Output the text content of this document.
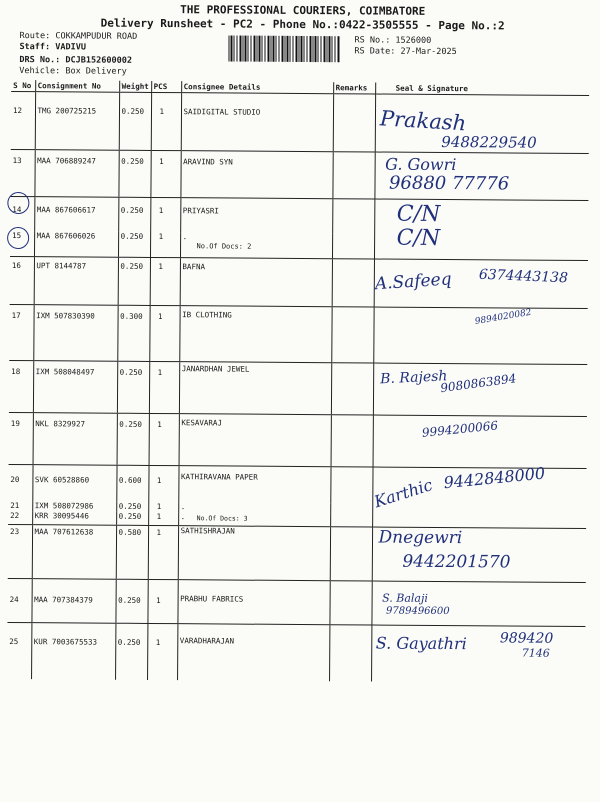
THE PROFESSIONAL COURIERS, COIMBATORE
Delivery Runsheet - PC2 - Phone No.:0422-3505555 - Page No.:2
Route: COKKAMPUDUR ROAD
Staff: VADIVU
DRS No.: DCJB152600002
Vehicle: Box Delivery
RS No.: 1526000
RS Date: 27-Mar-2025
S No	Consignment No	Weight	PCS	Consignee Details	Remarks	Seal & Signature
12	TMG 200725215	0.250	1	SAIDIGITAL STUDIO		Prakash
9488229540

13	MAA 706889247	0.250	1	ARAVIND SYN		G. Gowri
96880 77776

14	MAA 867606617	0.250	1	PRIYASRI		C/N

15	MAA 867606026	0.250	1	.
No.Of Docs: 2		C/N

16	UPT 8144787	0.250	1	BAFNA		A.Safeeq 6374443138

17	IXM 507830390	0.300	1	IB CLOTHING		9894020082

18	IXM 508048497	0.250	1	JANARDHAN JEWEL		B. Rajesh
9080863894

19	NKL 8329927	0.250	1	KESAVARAJ		9994200066

20	SVK 60528860	0.600	1	KATHIRAVANA PAPER		Karthic 9442848000

21	IXM 508072986	0.250	1	.		
22	KRR 30095446	0.250	1	. No.Of Docs: 3		

23	MAA 707612638	0.580	1	SATHISHRAJAN		Dnegewri
9442201570

24	MAA 707384379	0.250	1	PRABHU FABRICS		S. Balaji
9789496600

25	KUR 7003675533	0.250	1	VARADHARAJAN		S. Gayathri 989420
7146
